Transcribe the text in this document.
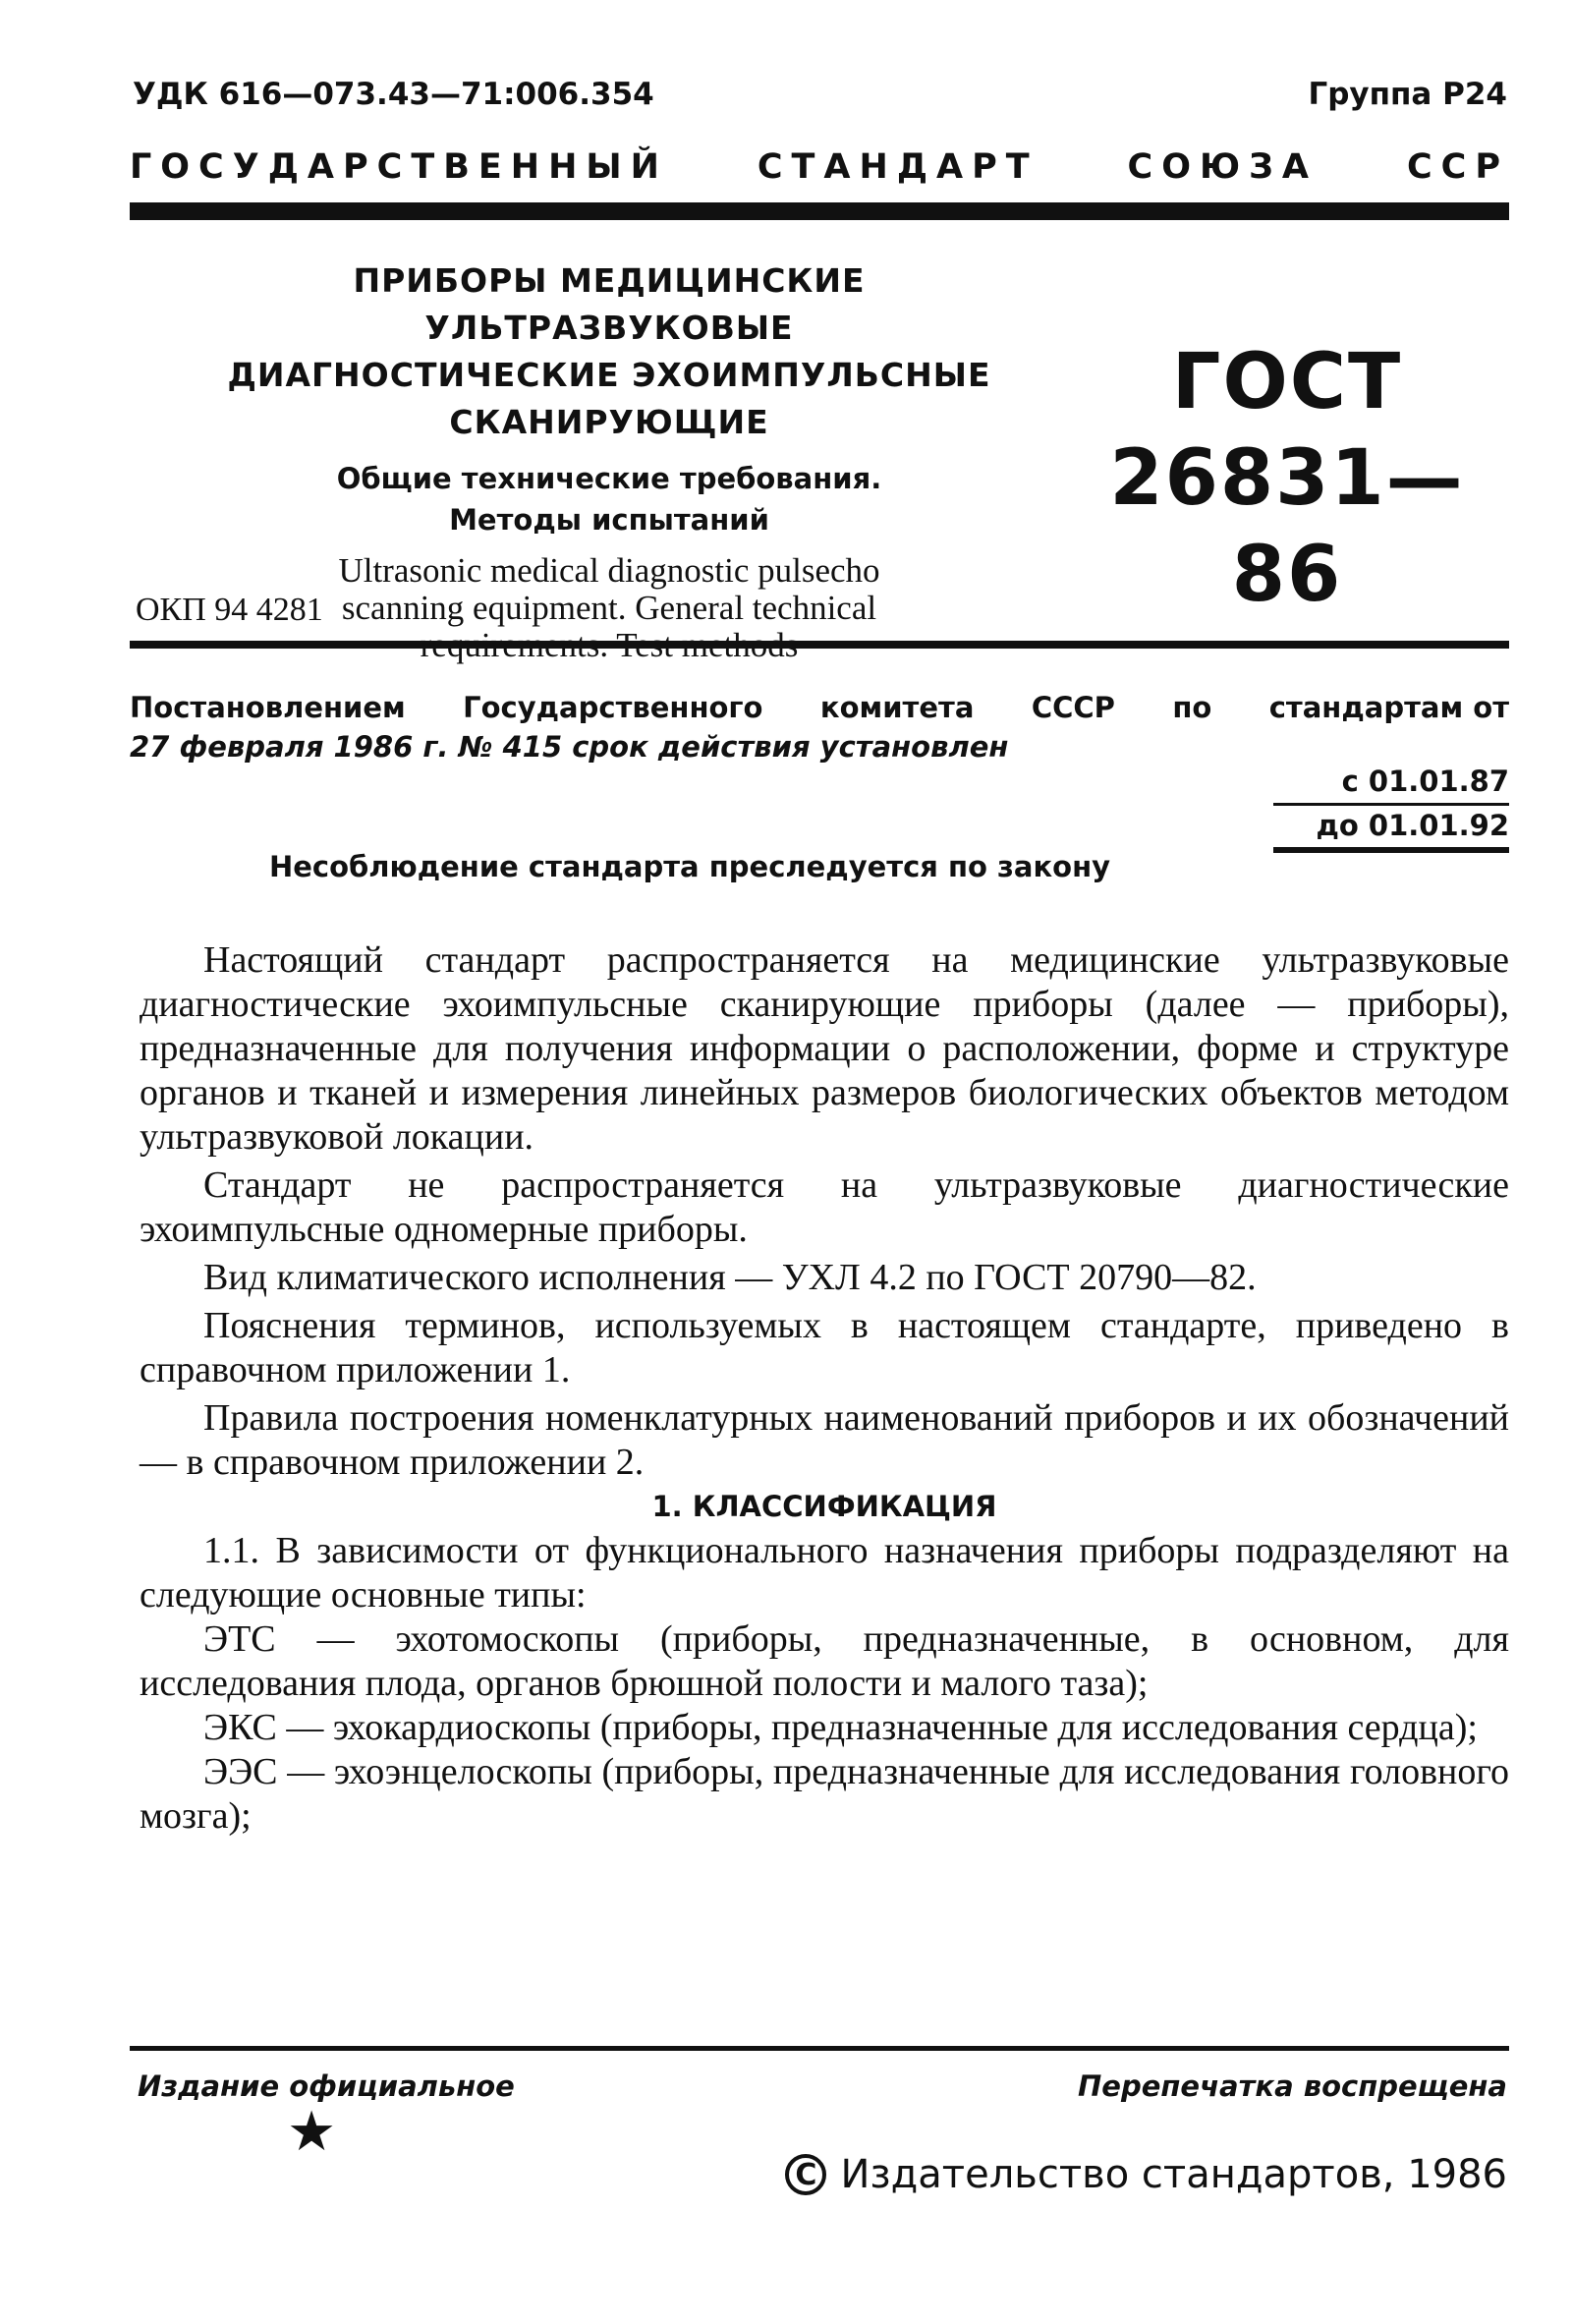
УДК 616—073.43—71:006.354	Группа Р24
ГОСУДАРСТВЕННЫЙ	СТАНДАРТ	СОЮЗА	ССР
ПРИБОРЫ МЕДИЦИНСКИЕ УЛЬТРАЗВУКОВЫЕ
ДИАГНОСТИЧЕСКИЕ ЭХОИМПУЛЬСНЫЕ
СКАНИРУЮЩИЕ
Общие технические требования.
Методы испытаний
Ultrasonic medical diagnostic pulsecho
scanning equipment. General technical
ОКП 94 4281
ГОСТ
26831—86
Постановлением Государственного комитета СССР по стандартам от
27 февраля 1986 г. № 415 срок действия установлен
с 01.01.87
до 01.01.92
Несоблюдение стандарта преследуется по закону

Настоящий стандарт распространяется на медицинские ультразвуковые диагностические эхоимпульсные сканирующие приборы (далее — приборы), предназначенные для получения информации о расположении, форме и структуре органов и тканей и измерения линейных размеров биологических объектов методом ультразвуковой локации.

Стандарт не распространяется на ультразвуковые диагностические эхоимпульсные одномерные приборы.

Вид климатического исполнения — УХЛ 4.2 по ГОСТ 20790—82.

Пояснения терминов, используемых в настоящем стандарте, приведено в справочном приложении 1.

Правила построения номенклатурных наименований приборов и их обозначений — в справочном приложении 2.

1. КЛАССИФИКАЦИЯ

1.1. В зависимости от функционального назначения приборы подразделяют на следующие основные типы:

ЭТС — эхотомоскопы (приборы, предназначенные, в основном, для исследования плода, органов брюшной полости и малого таза);

ЭКС — эхокардиоскопы (приборы, предназначенные для исследования сердца);

ЭЭС — эхоэнцелоскопы (приборы, предназначенные для исследования головного мозга);

Издание официальное	Перепечатка воспрещена
★
C Издательство стандартов, 1986
